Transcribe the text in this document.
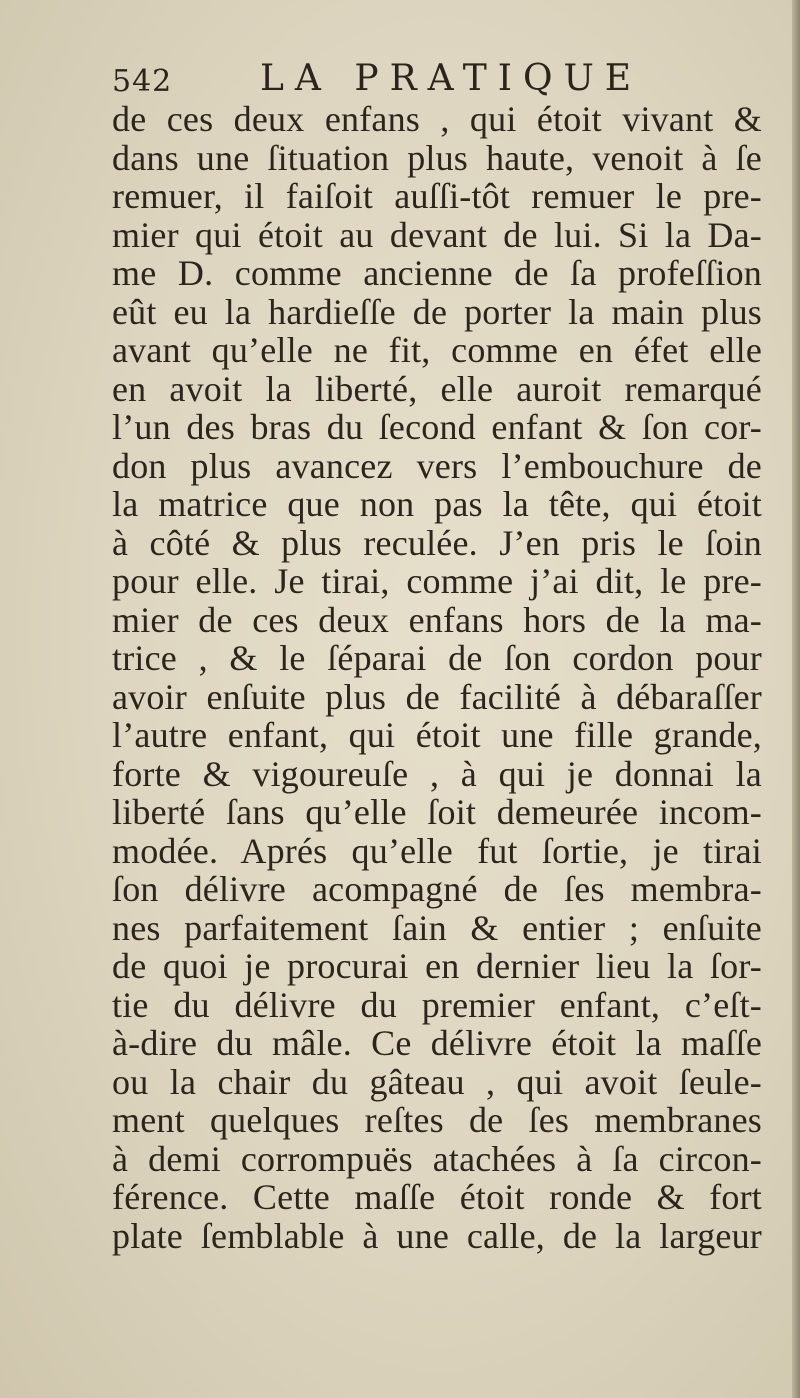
542 LA PRATIQUE
de ces deux enfans , qui étoit vivant &
dans une ſituation plus haute, venoit à ſe
remuer, il faiſoit auſſi-tôt remuer le pre-
mier qui étoit au devant de lui. Si la Da-
me D. comme ancienne de ſa profeſſion
eût eu la hardieſſe de porter la main plus
avant qu’elle ne fit, comme en éfet elle
en avoit la liberté, elle auroit remarqué
l’un des bras du ſecond enfant & ſon cor-
don plus avancez vers l’embouchure de
la matrice que non pas la tête, qui étoit
à côté & plus reculée. J’en pris le ſoin
pour elle. Je tirai, comme j’ai dit, le pre-
mier de ces deux enfans hors de la ma-
trice , & le ſéparai de ſon cordon pour
avoir enſuite plus de facilité à débaraſſer
l’autre enfant, qui étoit une fille grande,
forte & vigoureuſe , à qui je donnai la
liberté ſans qu’elle ſoit demeurée incom-
modée. Aprés qu’elle fut ſortie, je tirai
ſon délivre acompagné de ſes membra-
nes parfaitement ſain & entier ; enſuite
de quoi je procurai en dernier lieu la ſor-
tie du délivre du premier enfant, c’eſt-
à-dire du mâle. Ce délivre étoit la maſſe
ou la chair du gâteau , qui avoit ſeule-
ment quelques reſtes de ſes membranes
à demi corrompuës atachées à ſa circon-
férence. Cette maſſe étoit ronde & fort
plate ſemblable à une calle, de la largeur
